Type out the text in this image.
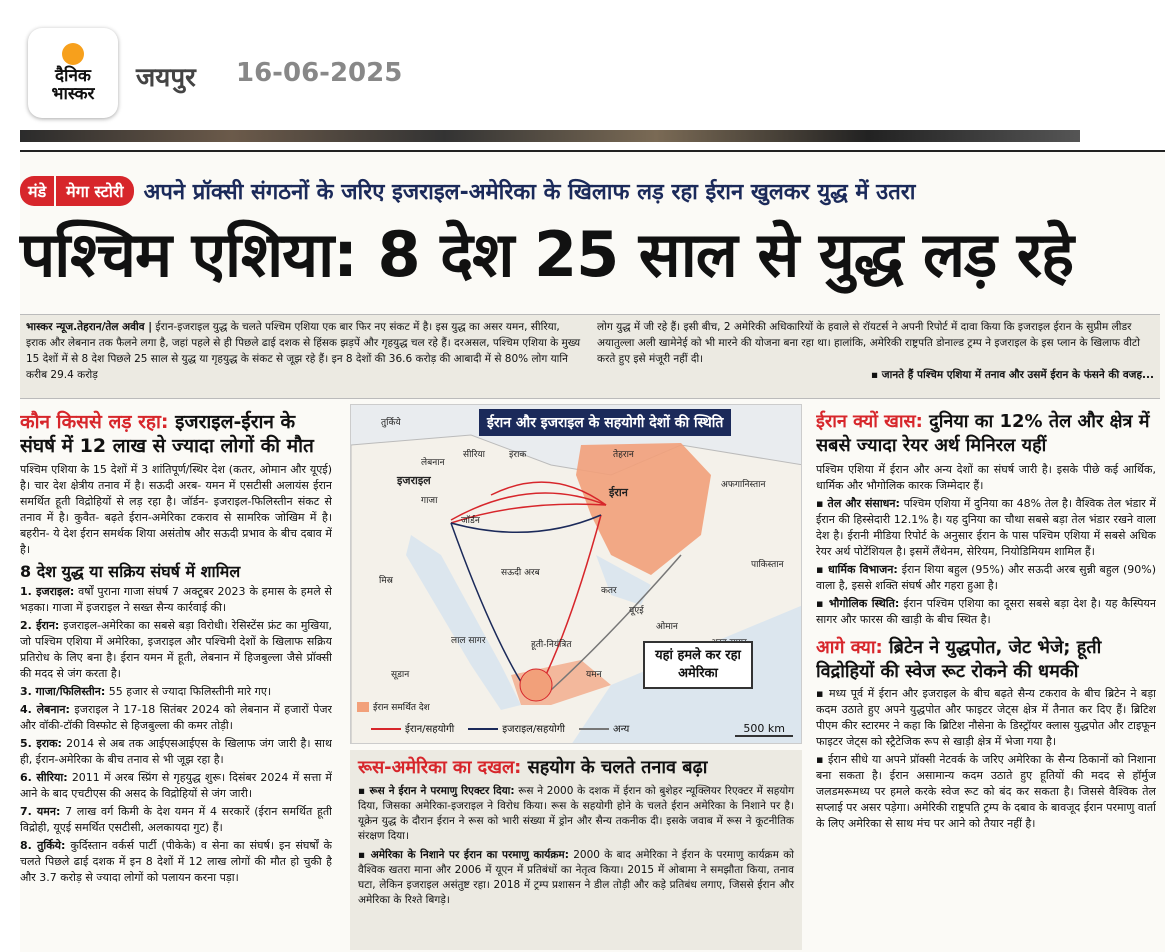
दैनिक
भास्कर
जयपुर 16-06-2025
मंडे	मेगा स्टोरी अपने प्रॉक्सी संगठनों के जरिए इजराइल-अमेरिका के खिलाफ लड़ रहा ईरान खुलकर युद्ध में उतरा
पश्चिम एशिया: 8 देश 25 साल से युद्ध लड़ रहे
भास्कर न्यूज.तेहरान/तेल अवीव | ईरान-इजराइल युद्ध के चलते पश्चिम एशिया एक बार फिर नए संकट में है। इस युद्ध का असर यमन, सीरिया, इराक और लेबनान तक फैलने लगा है, जहां पहले से ही पिछले ढाई दशक से हिंसक झड़पें और गृहयुद्ध चल रहे हैं। दरअसल, पश्चिम एशिया के मुख्य 15 देशों में से 8 देश पिछले 25 साल से युद्ध या गृहयुद्ध के संकट से जूझ रहे हैं। इन 8 देशों की 36.6 करोड़ की आबादी में से 80% लोग यानि करीब 29.4 करोड़
लोग युद्ध में जी रहे हैं। इसी बीच, 2 अमेरिकी अधिकारियों के हवाले से रॉयटर्स ने अपनी रिपोर्ट में दावा किया कि इजराइल ईरान के सुप्रीम लीडर अयातुल्ला अली खामेनेई को भी मारने की योजना बना रहा था। हालांकि, अमेरिकी राष्ट्रपति डोनाल्ड ट्रम्प ने इजराइल के इस प्लान के खिलाफ वीटो करते हुए इसे मंजूरी नहीं दी।
▪ जानते हैं पश्चिम एशिया में तनाव और उसमें ईरान के फंसने की वजह...
कौन किससे लड़ रहा: इजराइल-ईरान के संघर्ष में 12 लाख से ज्यादा लोगों की मौत
पश्चिम एशिया के 15 देशों में 3 शांतिपूर्ण/स्थिर देश (कतर, ओमान और यूएई) है। चार देश क्षेत्रीय तनाव में है। सऊदी अरब- यमन में एसटीसी अलायंस ईरान समर्थित हूती विद्रोहियों से लड़ रहा है। जॉर्डन- इजराइल-फिलिस्तीन संकट से तनाव में है। कुवैत- बढ़ते ईरान-अमेरिका टकराव से सामरिक जोखिम में है। बहरीन- ये देश ईरान समर्थक शिया असंतोष और सऊदी प्रभाव के बीच दबाव में है।
8 देश युद्ध या सक्रिय संघर्ष में शामिल
1. इजराइल: वर्षों पुराना गाजा संघर्ष 7 अक्टूबर 2023 के हमास के हमले से भड़का। गाजा में इजराइल ने सख्त सैन्य कार्रवाई की।
2. ईरान: इजराइल-अमेरिका का सबसे बड़ा विरोधी। रेसिस्टेंस फ्रंट का मुखिया, जो पश्चिम एशिया में अमेरिका, इजराइल और पश्चिमी देशों के खिलाफ सक्रिय प्रतिरोध के लिए बना है। ईरान यमन में हूती, लेबनान में हिजबुल्ला जैसे प्रॉक्सी की मदद से जंग करता है।
3. गाजा/फिलिस्तीन: 55 हजार से ज्यादा फिलिस्तीनी मारे गए।
4. लेबनान: इजराइल ने 17-18 सितंबर 2024 को लेबनान में हजारों पेजर और वॉकी-टॉकी विस्फोट से हिजबुल्ला की कमर तोड़ी।
5. इराक: 2014 से अब तक आईएसआईएस के खिलाफ जंग जारी है। साथ ही, ईरान-अमेरिका के बीच तनाव से भी जूझ रहा है।
6. सीरिया: 2011 में अरब स्प्रिंग से गृहयुद्ध शुरू। दिसंबर 2024 में सत्ता में आने के बाद एचटीएस की असद के विद्रोहियों से जंग जारी।
7. यमन: 7 लाख वर्ग किमी के देश यमन में 4 सरकारें (ईरान समर्थित हूती विद्रोही, यूएई समर्थित एसटीसी, अलकायदा गुट) हैं।
8. तुर्किये: कुर्दिस्तान वर्कर्स पार्टी (पीकेके) व सेना का संघर्ष। इन संघर्षों के चलते पिछले ढाई दशक में इन 8 देशों में 12 लाख लोगों की मौत हो चुकी है और 3.7 करोड़ से ज्यादा लोगों को पलायन करना पड़ा।
ईरान और इजराइल के सहयोगी देशों की स्थिति
तुर्किये
लेबनान
सीरिया	इराक	तेहरान
इजराइल
गाजा
जॉर्डन
ईरान
अफगानिस्तान
मिस्र
सऊदी अरब
कतर
पाकिस्तान
यूएई
ओमान
लाल सागर	हूती-नियंत्रित
सूडान	यमन
यहां हमले कर रहा अमेरिका
ईरान समर्थित देश
ईरान/सहयोगी	इजराइल/सहयोगी	अन्य	500 km
रूस-अमेरिका का दखल: सहयोग के चलते तनाव बढ़ा
▪ रूस ने ईरान ने परमाणु रिएक्टर दिया: रूस ने 2000 के दशक में ईरान को बुशेहर न्यूक्लियर रिएक्टर में सहयोग दिया, जिसका अमेरिका-इजराइल ने विरोध किया। रूस के सहयोगी होने के चलते ईरान अमेरिका के निशाने पर है। यूक्रेन युद्ध के दौरान ईरान ने रूस को भारी संख्या में ड्रोन और सैन्य तकनीक दी। इसके जवाब में रूस ने कूटनीतिक संरक्षण दिया।
▪ अमेरिका के निशाने पर ईरान का परमाणु कार्यक्रम: 2000 के बाद अमेरिका ने ईरान के परमाणु कार्यक्रम को वैश्विक खतरा माना और 2006 में यूएन में प्रतिबंधों का नेतृत्व किया। 2015 में ओबामा ने समझौता किया, तनाव घटा, लेकिन इजराइल असंतुष्ट रहा। 2018 में ट्रम्प प्रशासन ने डील तोड़ी और कड़े प्रतिबंध लगाए, जिससे ईरान और अमेरिका के रिश्ते बिगड़े।
ईरान क्यों खास: दुनिया का 12% तेल और क्षेत्र में सबसे ज्यादा रेयर अर्थ मिनिरल यहीं
पश्चिम एशिया में ईरान और अन्य देशों का संघर्ष जारी है। इसके पीछे कई आर्थिक, धार्मिक और भौगोलिक कारक जिम्मेदार हैं।
▪ तेल और संसाधन: पश्चिम एशिया में दुनिया का 48% तेल है। वैश्विक तेल भंडार में ईरान की हिस्सेदारी 12.1% है। यह दुनिया का चौथा सबसे बड़ा तेल भंडार रखने वाला देश है। ईरानी मीडिया रिपोर्ट के अनुसार ईरान के पास पश्चिम एशिया में सबसे अधिक रेयर अर्थ पोटेंशियल है। इसमें लैंथेनम, सेरियम, नियोडिमियम शामिल हैं।
▪ धार्मिक विभाजन: ईरान शिया बहुल (95%) और सऊदी अरब सुन्नी बहुल (90%) वाला है, इससे शक्ति संघर्ष और गहरा हुआ है।
▪ भौगोलिक स्थिति: ईरान पश्चिम एशिया का दूसरा सबसे बड़ा देश है। यह कैस्पियन सागर और फारस की खाड़ी के बीच स्थित है।
आगे क्या: ब्रिटेन ने युद्धपोत, जेट भेजे; हूती विद्रोहियों की स्वेज रूट रोकने की धमकी
▪ मध्य पूर्व में ईरान और इजराइल के बीच बढ़ते सैन्य टकराव के बीच ब्रिटेन ने बड़ा कदम उठाते हुए अपने युद्धपोत और फाइटर जेट्स क्षेत्र में तैनात कर दिए हैं। ब्रिटिश पीएम कीर स्टारमर ने कहा कि ब्रिटिश नौसेना के डिस्ट्रॉयर क्लास युद्धपोत और टाइफून फाइटर जेट्स को स्ट्रैटेजिक रूप से खाड़ी क्षेत्र में भेजा गया है।
▪ ईरान सीधे या अपने प्रॉक्सी नेटवर्क के जरिए अमेरिका के सैन्य ठिकानों को निशाना बना सकता है। ईरान असामान्य कदम उठाते हुए हूतियों की मदद से हॉर्मुज जलडमरूमध्य पर हमले करके स्वेज रूट को बंद कर सकता है। जिससे वैश्विक तेल सप्लाई पर असर पड़ेगा। अमेरिकी राष्ट्रपति ट्रम्प के दबाव के बावजूद ईरान परमाणु वार्ता के लिए अमेरिका से साथ मंच पर आने को तैयार नहीं है।
